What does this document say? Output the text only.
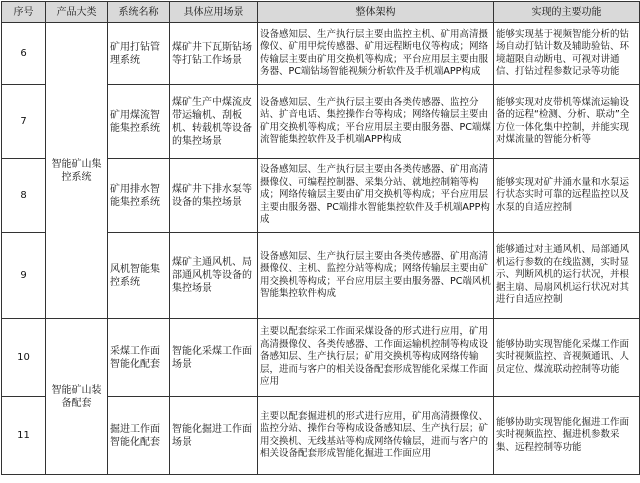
序号	产品大类	系统名称	具体应用场景	整体架构	实现的主要功能
6	智能矿山集控系统	矿用打钻管理系统	煤矿井下瓦斯钻场等打钻工作场景	设备感知层、生产执行层主要由监控主机、矿用高清摄像仪、矿用甲烷传感器、矿用远程断电仪等构成；网络传输层主要由矿用交换机等构成；平台应用层主要由服务器、PC端钻场智能视频分析软件及手机端APP构成	能够实现基于视频智能分析的钻场自动打钻计数及辅助验钻、环境超限自动断电、可视对讲通信、打钻过程参数记录等功能
7		矿用煤流智能集控系统	煤矿生产中煤流皮带运输机、刮板机、转载机等设备的集控场景	设备感知层、生产执行层主要由各类传感器、监控分站、扩音电话、集控操作台等构成；网络传输层主要由矿用交换机等构成；平台应用层主要由服务器、PC端煤流智能集控软件及手机端APP构成	能够实现对皮带机等煤流运输设备的远程“检测、分析、联动”全方位一体化集中控制，并能实现对煤流量的智能分析等
8		矿用排水智能集控系统	煤矿井下排水泵等设备的集控场景	设备感知层、生产执行层主要由各类传感器、矿用高清摄像仪、可编程控制器、采集分站、就地控制箱等构成；网络传输层主要由矿用交换机等构成；平台应用层主要由服务器、PC端排水智能集控软件及手机端APP构成	能够实现对矿井涌水量和水泵运行状态实时可靠的远程监控以及水泵的自适应控制
9		风机智能集控系统	煤矿主通风机、局部通风机等设备的集控场景	设备感知层、生产执行层主要由各类传感器、矿用高清摄像仪、主机、监控分站等构成；网络传输层主要由矿用交换机等构成；平台应用层主要由服务器、PC端风机智能集控软件构成	能够通过对主通风机、局部通风机运行参数的在线监测，实时显示、判断风机的运行状况，并根据主扇、局扇风机运行状况对其进行自适应控制
10	智能矿山装备配套	采煤工作面智能化配套	智能化采煤工作面场景	主要以配套综采工作面采煤设备的形式进行应用，矿用高清摄像仪、各类传感器、工作面运输机控制等构成设备感知层、生产执行层；矿用交换机等构成网络传输层，进而与客户的相关设备配套形成智能化采煤工作面应用	能够协助实现智能化采煤工作面实时视频监控、音视频通讯、人员定位、煤流联动控制等功能
11		掘进工作面智能化配套	智能化掘进工作面场景	主要以配套掘进机的形式进行应用，矿用高清摄像仪、监控分站、操作台等构成设备感知层、生产执行层；矿用交换机、无线基站等构成网络传输层，进而与客户的相关设备配套形成智能化掘进工作面应用	能够协助实现智能化掘进工作面实时视频监控、掘进机参数采集、远程控制等功能
